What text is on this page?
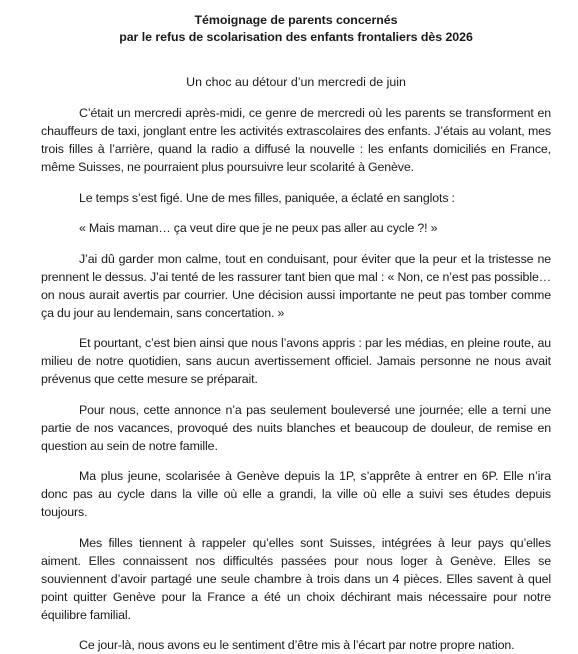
Témoignage de parents concernés
par le refus de scolarisation des enfants frontaliers dès 2026

Un choc au détour d’un mercredi de juin

C’était un mercredi après-midi, ce genre de mercredi où les parents se transforment en chauffeurs de taxi, jonglant entre les activités extrascolaires des enfants. J’étais au volant, mes trois filles à l’arrière, quand la radio a diffusé la nouvelle : les enfants domiciliés en France, même Suisses, ne pourraient plus poursuivre leur scolarité à Genève.

Le temps s’est figé. Une de mes filles, paniquée, a éclaté en sanglots :

« Mais maman… ça veut dire que je ne peux pas aller au cycle ?! »

J’ai dû garder mon calme, tout en conduisant, pour éviter que la peur et la tristesse ne prennent le dessus. J’ai tenté de les rassurer tant bien que mal : « Non, ce n’est pas possible… on nous aurait avertis par courrier. Une décision aussi importante ne peut pas tomber comme ça du jour au lendemain, sans concertation. »

Et pourtant, c’est bien ainsi que nous l’avons appris : par les médias, en pleine route, au milieu de notre quotidien, sans aucun avertissement officiel. Jamais personne ne nous avait prévenus que cette mesure se préparait.

Pour nous, cette annonce n’a pas seulement bouleversé une journée; elle a terni une partie de nos vacances, provoqué des nuits blanches et beaucoup de douleur, de remise en question au sein de notre famille.

Ma plus jeune, scolarisée à Genève depuis la 1P, s’apprête à entrer en 6P. Elle n’ira donc pas au cycle dans la ville où elle a grandi, la ville où elle a suivi ses études depuis toujours.

Mes filles tiennent à rappeler qu’elles sont Suisses, intégrées à leur pays qu’elles aiment. Elles connaissent nos difficultés passées pour nous loger à Genève. Elles se souviennent d’avoir partagé une seule chambre à trois dans un 4 pièces. Elles savent à quel point quitter Genève pour la France a été un choix déchirant mais nécessaire pour notre équilibre familial.

Ce jour-là, nous avons eu le sentiment d’être mis à l’écart par notre propre nation.
